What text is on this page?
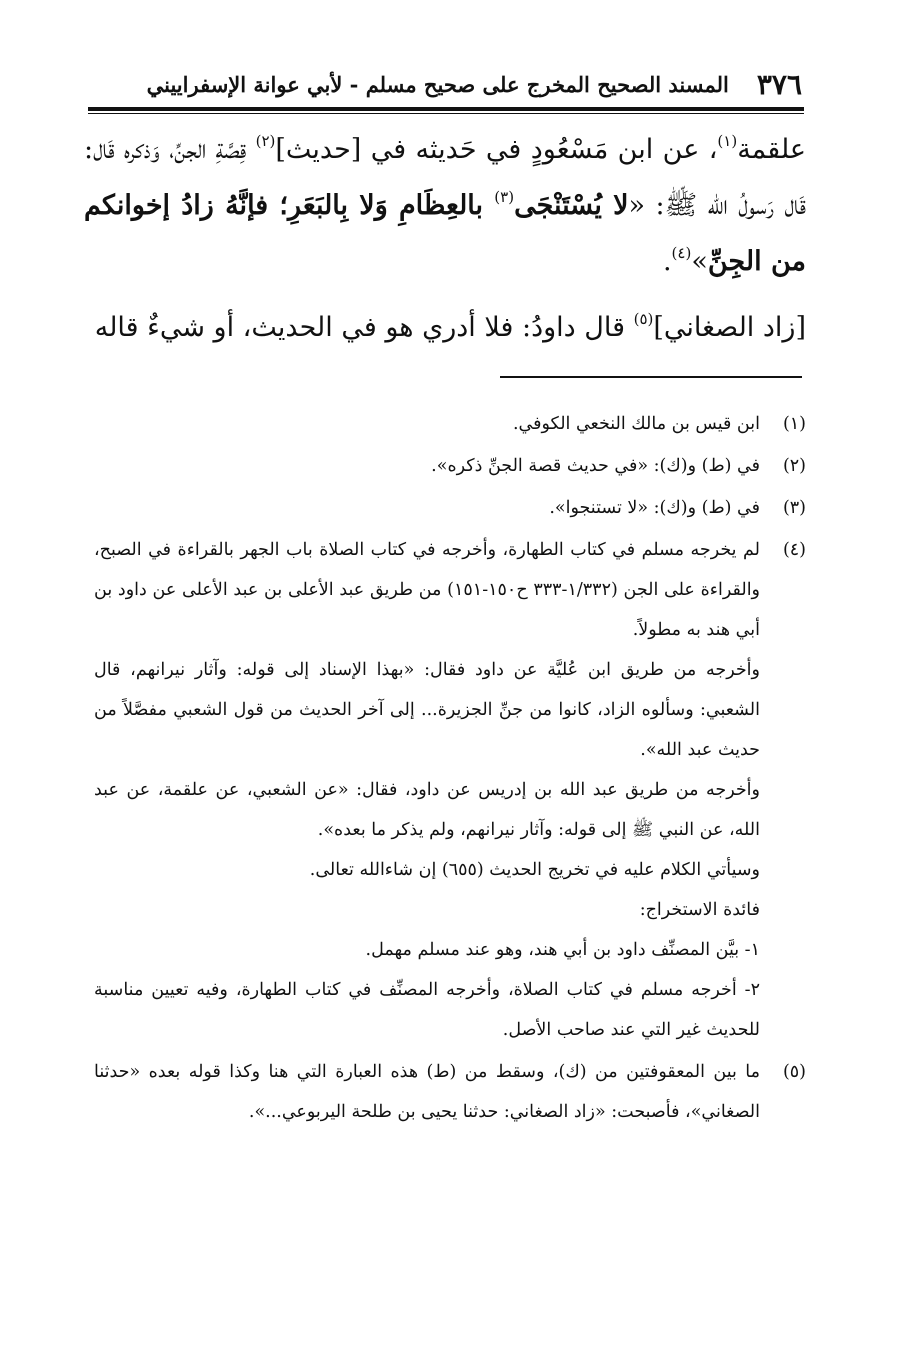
٣٧٦
المسند الصحيح المخرج على صحيح مسلم - لأبي عوانة الإسفراييني

علقمة$^{(١)}$، عن ابن مَسْعُودٍ في حَديثه في [حديث]$^{(٢)}$ قِصَّةِ الجنِّ، وَذكره قَال: قَال رَسولُ الله ﷺ: «لا يُسْتَنْجَى$^{(٣)}$ بالعِظَامِ وَلا بِالبَعَرِ؛ فإنَّهُ زادُ إخوانكم من الجِنِّ»$^{(٤)}$.

[زاد الصغاني]$^{(٥)}$ قال داودُ: فلا أدري هو في الحديث، أو شيءٌ قاله

(١)

ابن قيس بن مالك النخعي الكوفي.

(٢)

في (ط) و(ك): «في حديث قصة الجنِّ ذكره».

(٣)

في (ط) و(ك): «لا تستنجوا».

(٤)

لم يخرجه مسلم في كتاب الطهارة، وأخرجه في كتاب الصلاة باب الجهر بالقراءة في الصبح، والقراءة على الجن (١/٣٣٢-٣٣٣ ح١٥٠-١٥١) من طريق عبد الأعلى بن عبد الأعلى عن داود بن أبي هند به مطولاً.

وأخرجه من طريق ابن عُليَّة عن داود فقال: «بهذا الإسناد إلى قوله: وآثار نيرانهم، قال الشعبي: وسألوه الزاد، كانوا من جنِّ الجزيرة... إلى آخر الحديث من قول الشعبي مفصَّلاً من حديث عبد الله».

وأخرجه من طريق عبد الله بن إدريس عن داود، فقال: «عن الشعبي، عن علقمة، عن عبد الله، عن النبي ﷺ إلى قوله: وآثار نيرانهم، ولم يذكر ما بعده».

وسيأتي الكلام عليه في تخريج الحديث (٦٥٥) إن شاءالله تعالى.

فائدة الاستخراج:

١- بيَّن المصنِّف داود بن أبي هند، وهو عند مسلم مهمل.

٢- أخرجه مسلم في كتاب الصلاة، وأخرجه المصنِّف في كتاب الطهارة، وفيه تعيين مناسبة للحديث غير التي عند صاحب الأصل.

(٥)

ما بين المعقوفتين من (ك)، وسقط من (ط) هذه العبارة التي هنا وكذا قوله بعده «حدثنا الصغاني»، فأصبحت: «زاد الصغاني: حدثنا يحيى بن طلحة اليربوعي...».
